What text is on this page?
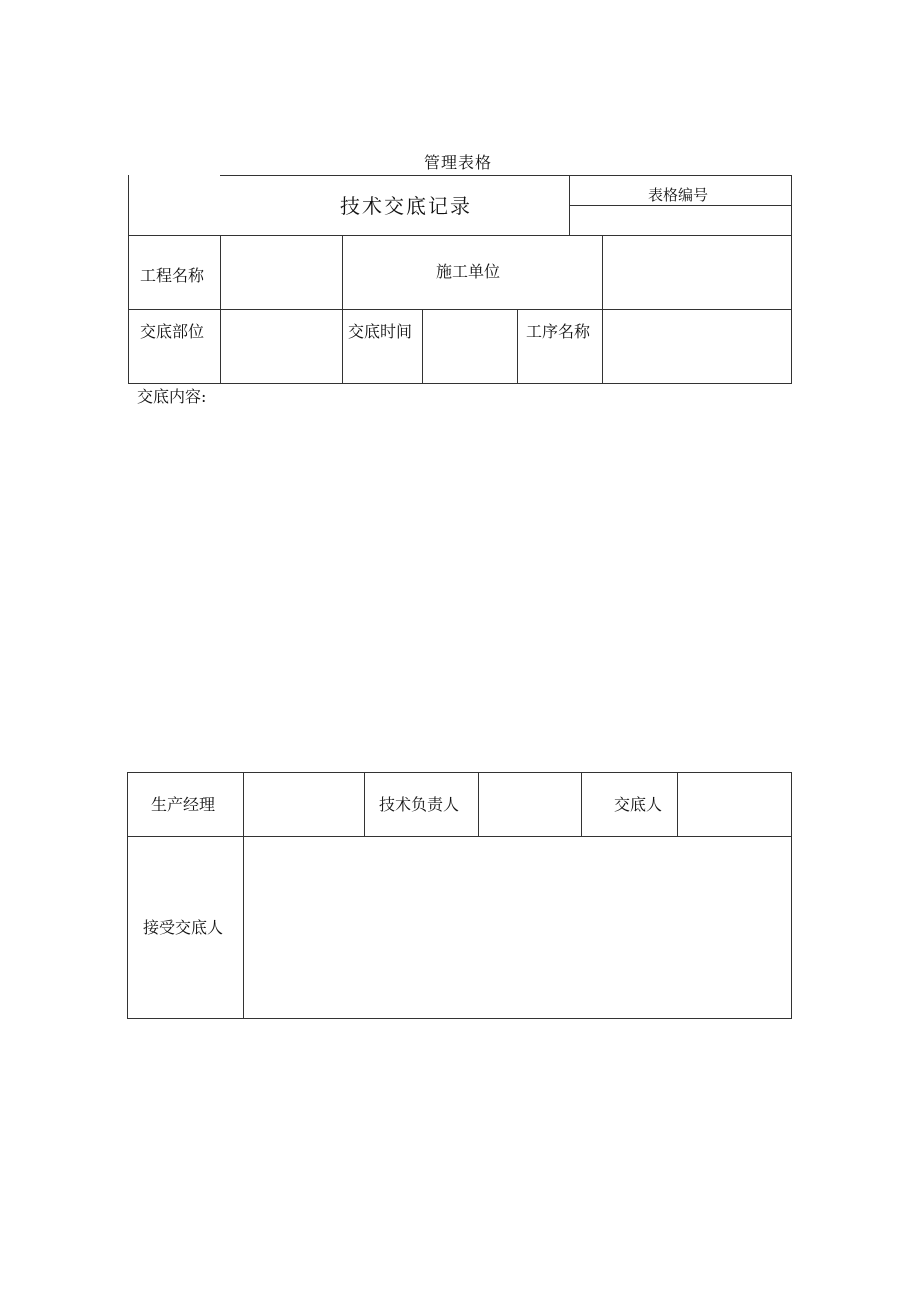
管理表格
技术交底记录	表格编号
工程名称	施工单位
交底部位	交底时间	工序名称
交底内容:
生产经理	技术负责人	交底人
接受交底人
